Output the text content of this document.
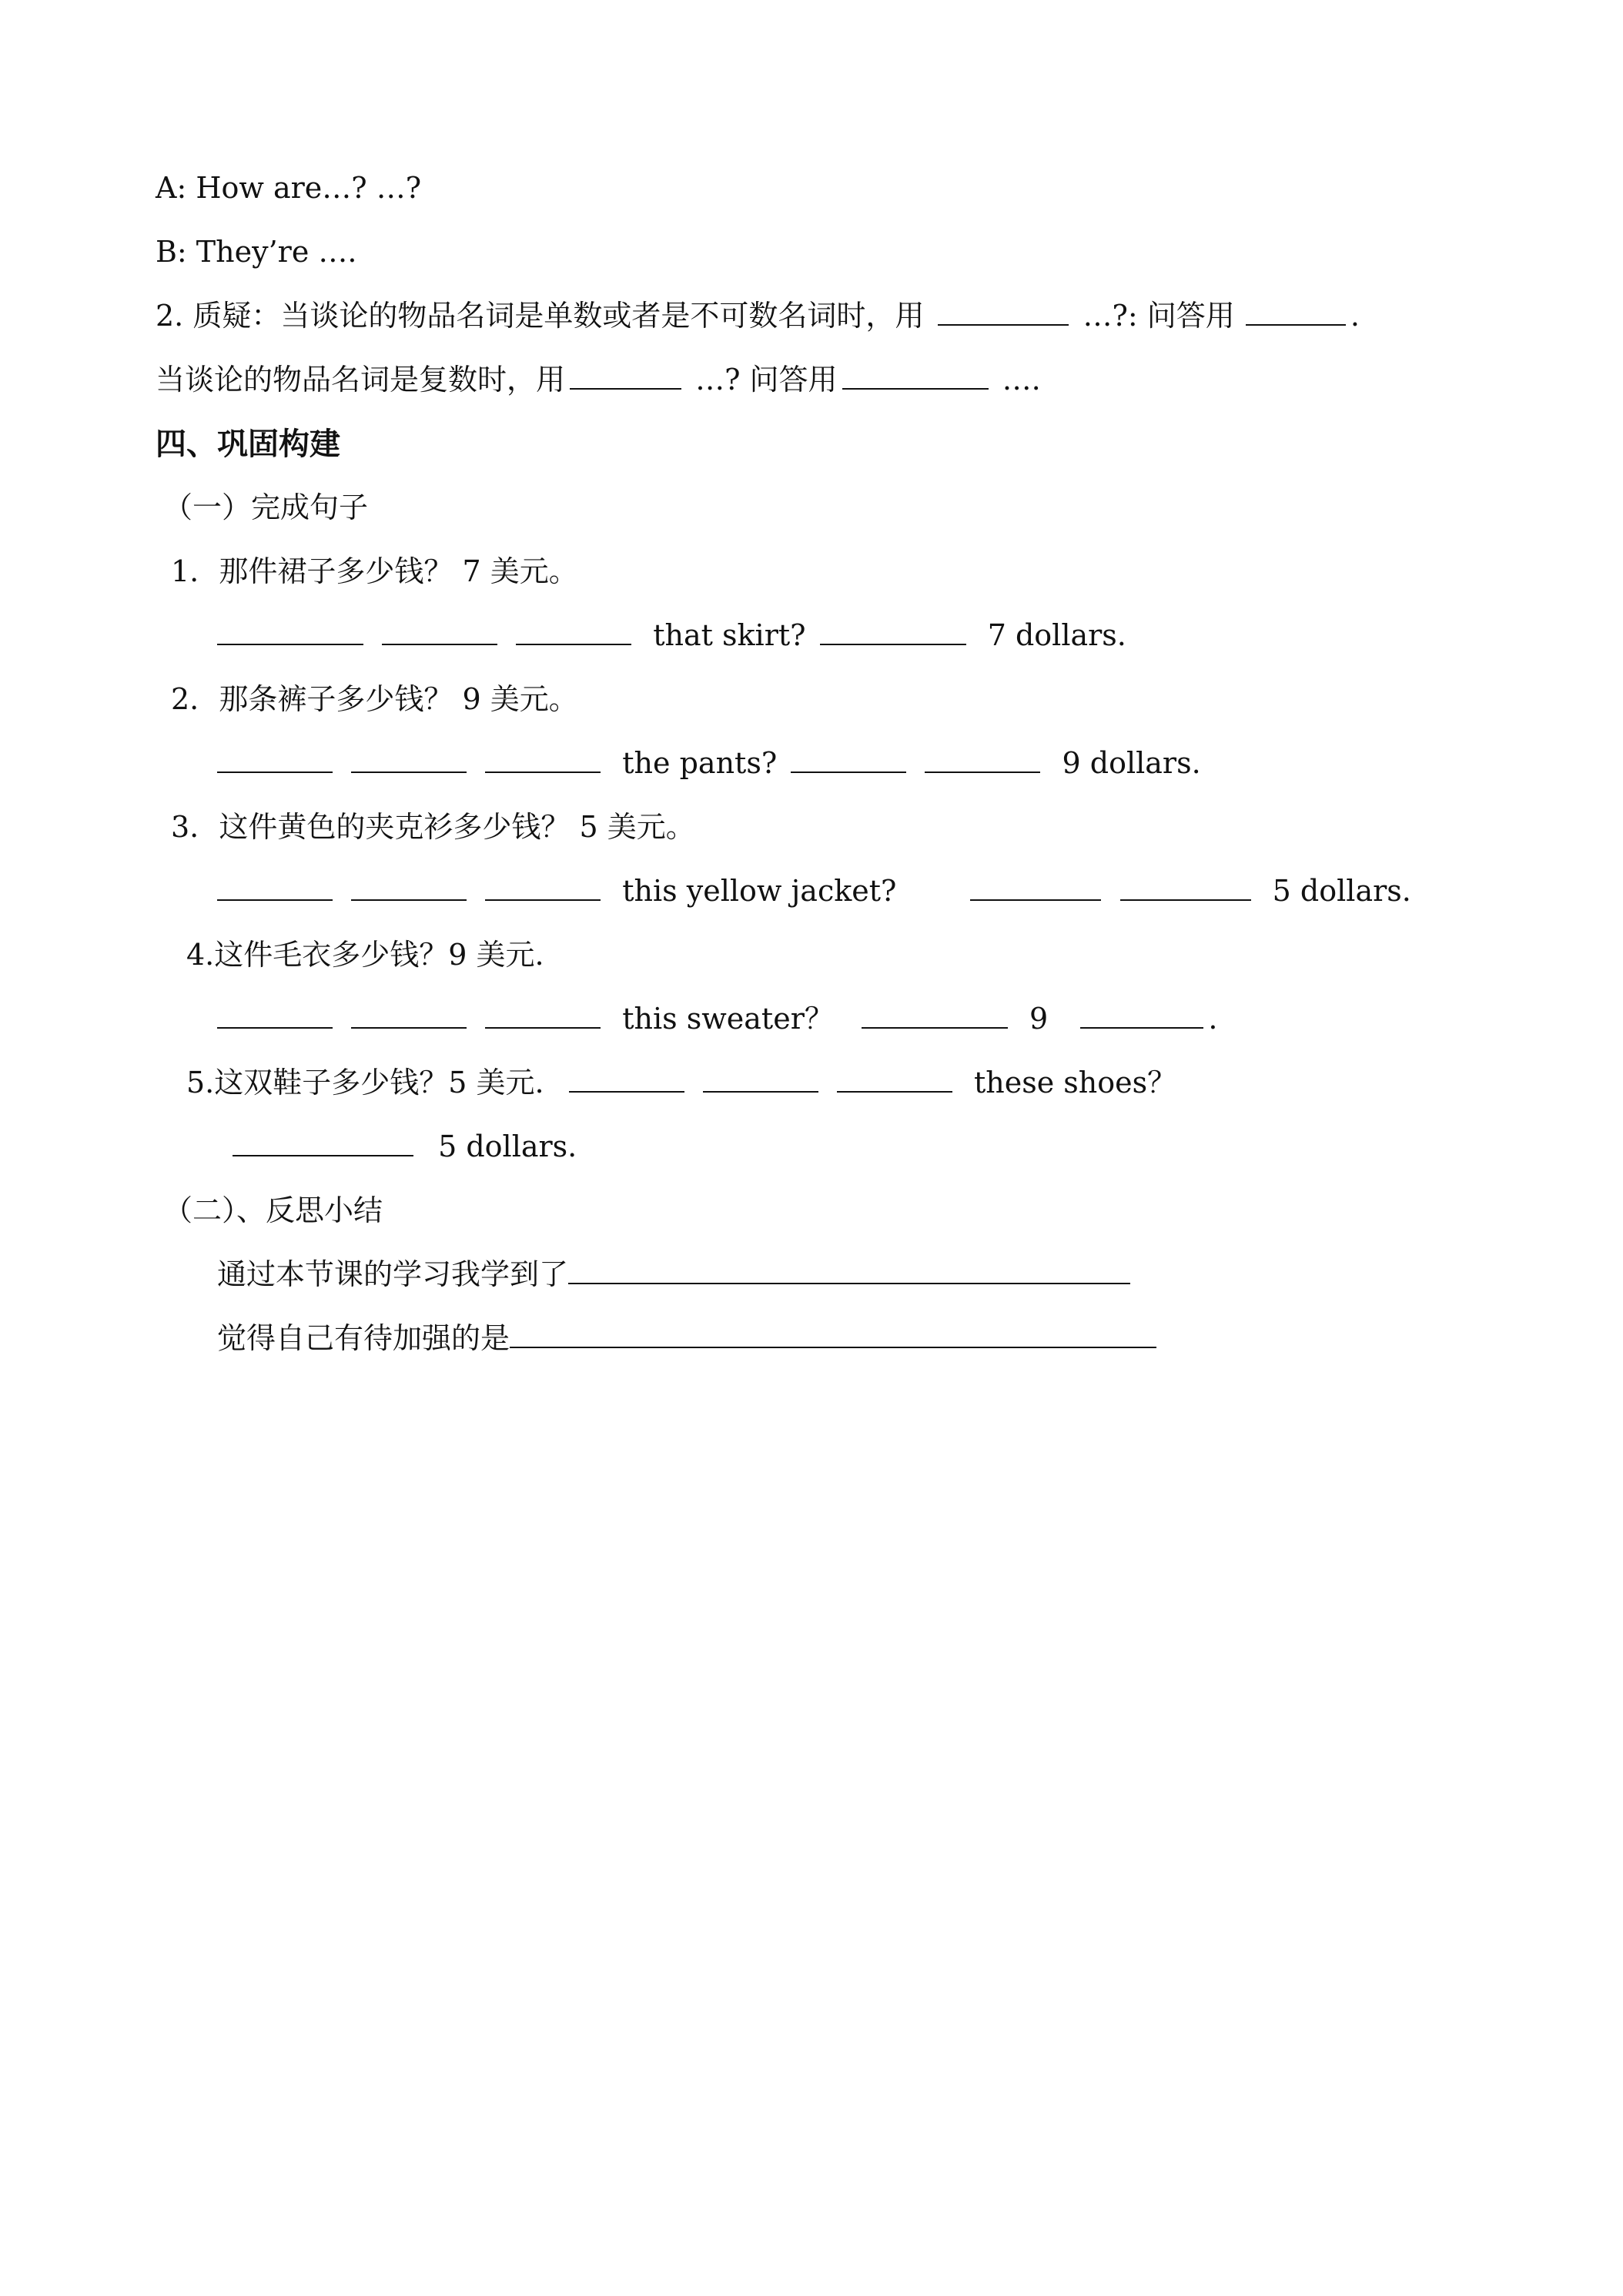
A: How are…? …?
B: They’re ….
2. 质疑：当谈论的物品名词是单数或者是不可数名词时，用	…?: 问答用	.
当谈论的物品名词是复数时，用	…? 问答用	….
四、巩固构建
（一）完成句子
1. 那件裙子多少钱？ 7 美元。
that skirt?	7 dollars.
2. 那条裤子多少钱？ 9 美元。
the pants?	9 dollars.
3. 这件黄色的夹克衫多少钱？ 5 美元。
this yellow jacket?	5 dollars.
4.这件毛衣多少钱？9 美元.
this sweater？	9	.
5.这双鞋子多少钱？5 美元.	these shoes？
5 dollars.
（二）、反思小结
通过本节课的学习我学到了
觉得自己有待加强的是
